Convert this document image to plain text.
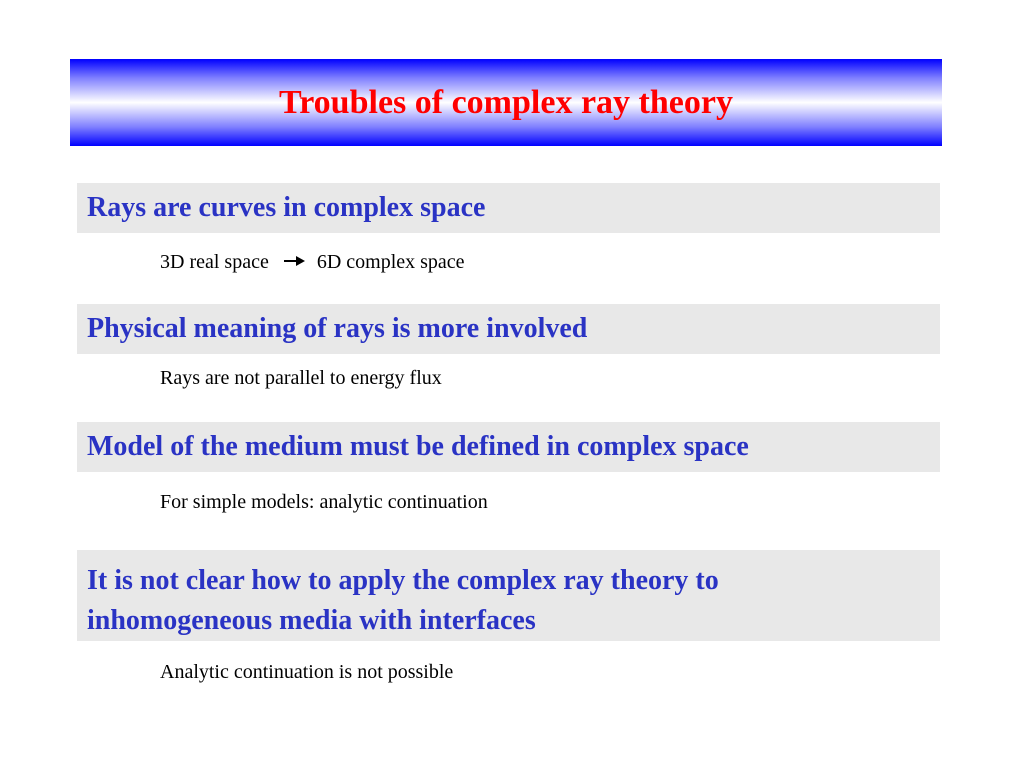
Troubles of complex ray theory
Rays are curves in complex space
3D real space 6D complex space
Physical meaning of rays is more involved
Rays are not parallel to energy flux
Model of the medium must be defined in complex space
For simple models: analytic continuation
It is not clear how to apply the complex ray theory to
inhomogeneous media with interfaces
Analytic continuation is not possible
